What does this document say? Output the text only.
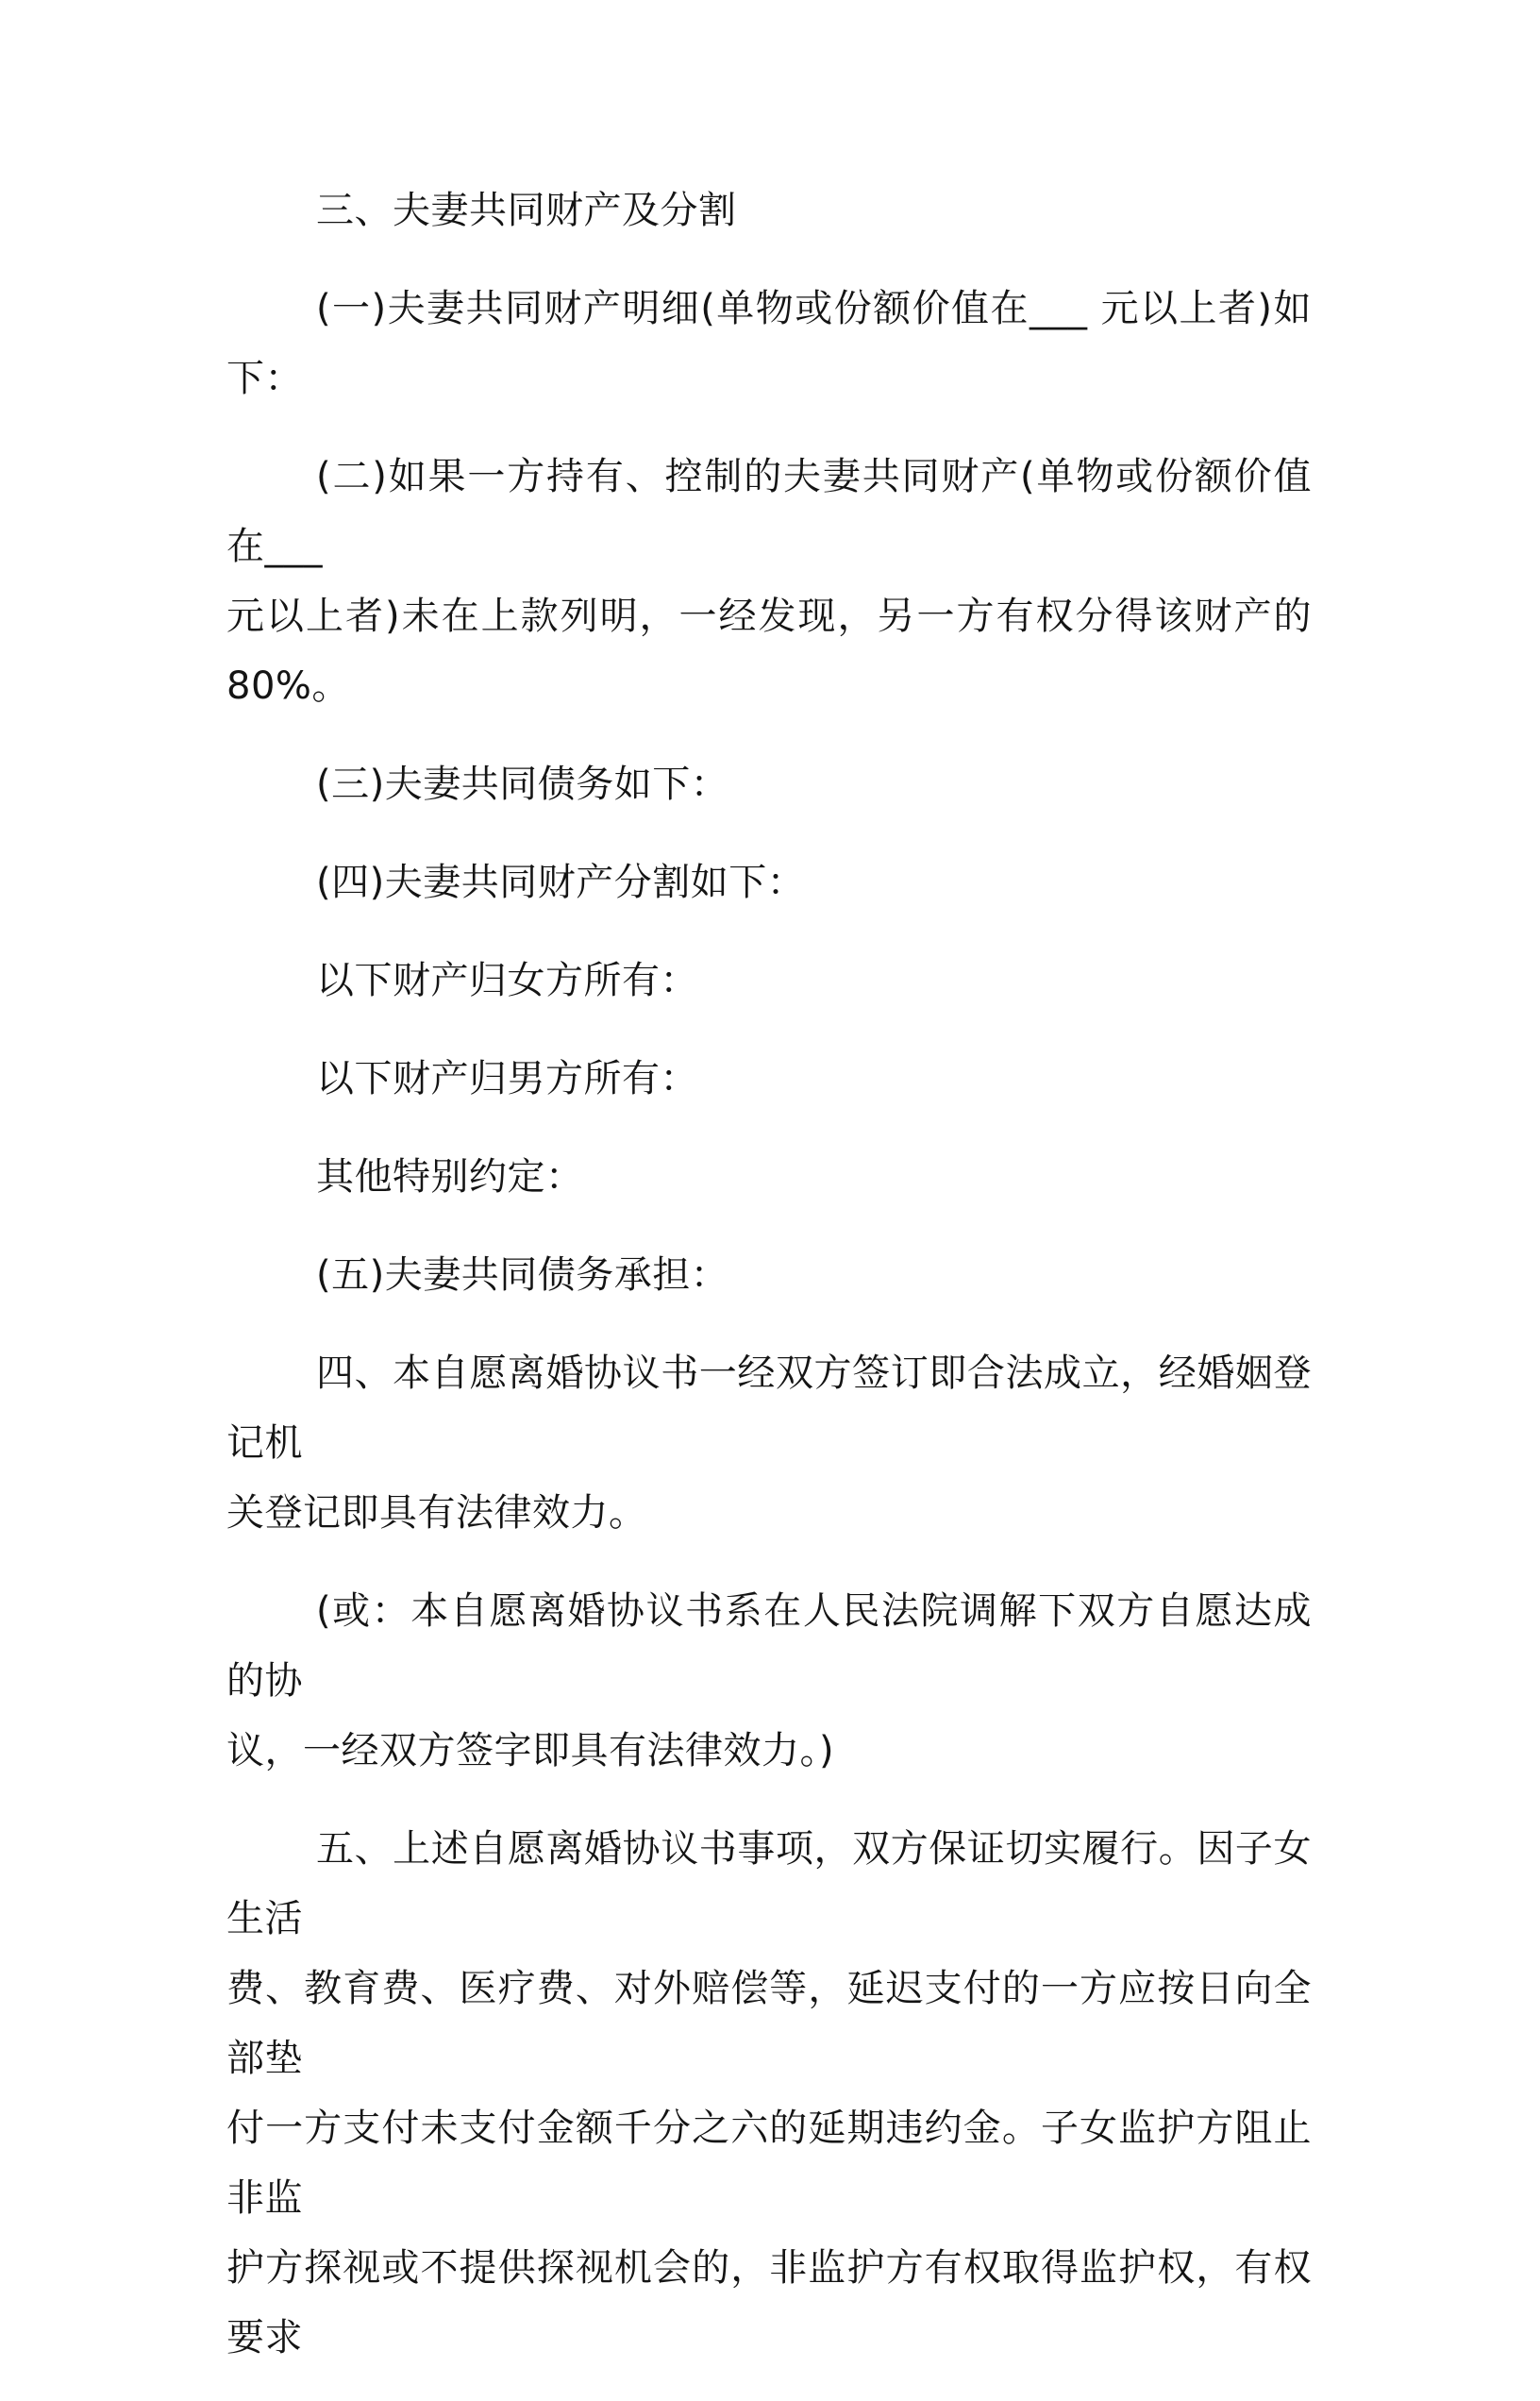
三、夫妻共同财产及分割

(一)夫妻共同财产明细(单物或份额价值在___ 元以上者)如下：

(二)如果一方持有、控制的夫妻共同财产(单物或份额价值在___
元以上者)未在上款列明，一经发现，另一方有权分得该财产的 80%。

(三)夫妻共同债务如下：

(四)夫妻共同财产分割如下：

以下财产归女方所有：

以下财产归男方所有：

其他特别约定：

(五)夫妻共同债务承担：

四、本自愿离婚协议书一经双方签订即合法成立，经婚姻登记机
关登记即具有法律效力。

(或：本自愿离婚协议书系在人民法院调解下双方自愿达成的协
议，一经双方签字即具有法律效力。)

五、上述自愿离婚协议书事项，双方保证切实履行。因子女生活
费、教育费、医疗费、对外赔偿等，延迟支付的一方应按日向全部垫
付一方支付未支付金额千分之六的延期违约金。子女监护方阻止非监
护方探视或不提供探视机会的，非监护方有权取得监护权，有权要求
